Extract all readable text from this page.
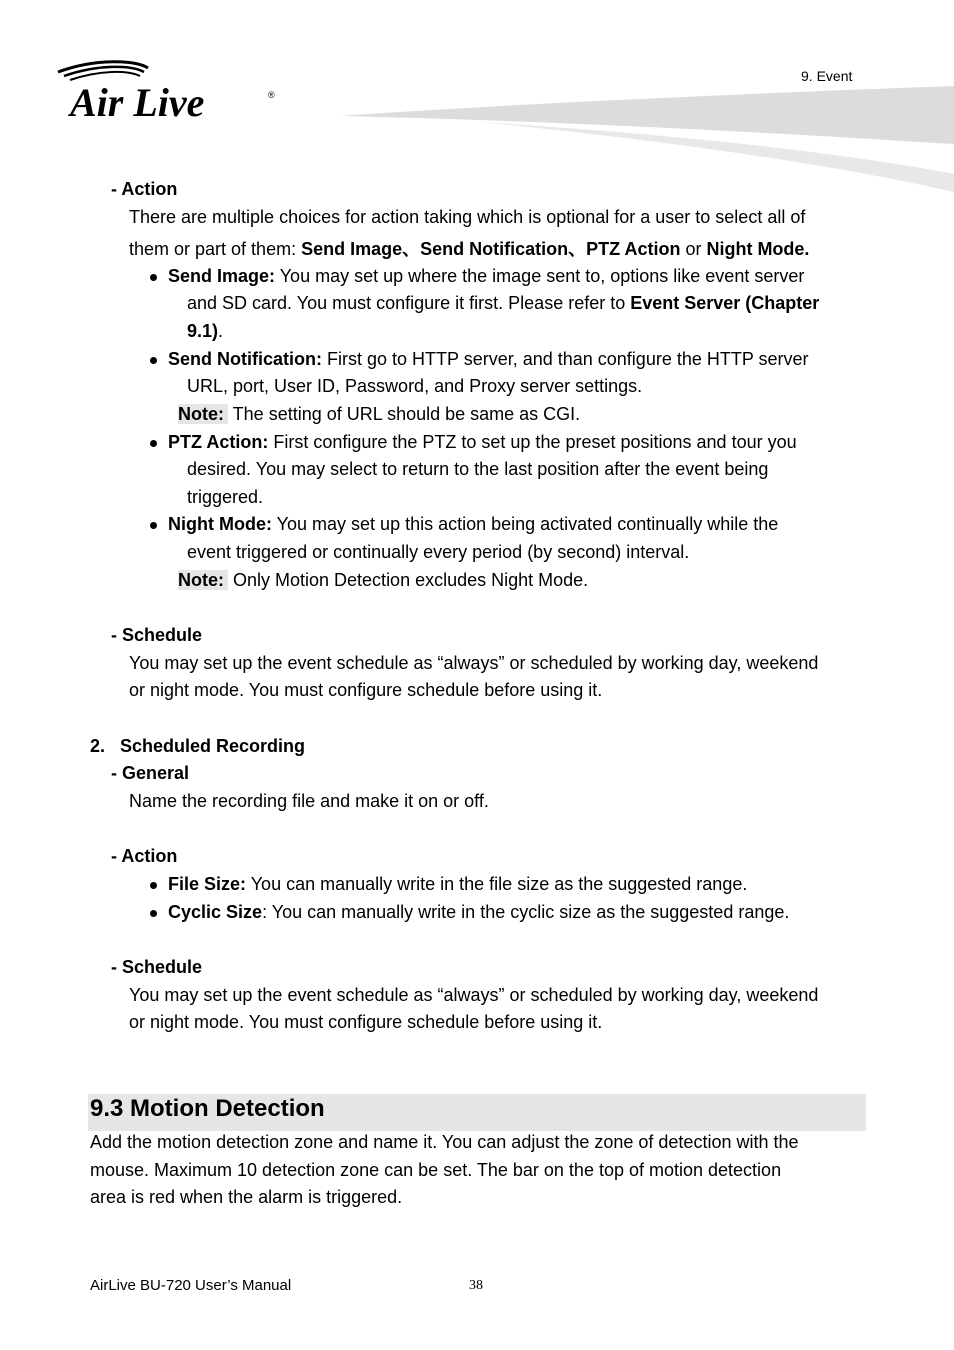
Air Live	®
9. Event
- Action
There are multiple choices for action taking which is optional for a user to select all of
them or part of them: Send Image、Send Notification、PTZ Action or Night Mode.
Send Image: You may set up where the image sent to, options like event server
and SD card. You must configure it first. Please refer to Event Server (Chapter
9.1).
Send Notification: First go to HTTP server, and than configure the HTTP server
URL, port, User ID, Password, and Proxy server settings.
Note: The setting of URL should be same as CGI.
PTZ Action: First configure the PTZ to set up the preset positions and tour you
desired. You may select to return to the last position after the event being
triggered.
Night Mode: You may set up this action being activated continually while the
event triggered or continually every period (by second) interval.
Note: Only Motion Detection excludes Night Mode.
- Schedule
You may set up the event schedule as “always” or scheduled by working day, weekend
or night mode. You must configure schedule before using it.
2. Scheduled Recording
- General
Name the recording file and make it on or off.
- Action
File Size: You can manually write in the file size as the suggested range.
Cyclic Size: You can manually write in the cyclic size as the suggested range.
- Schedule
You may set up the event schedule as “always” or scheduled by working day, weekend
or night mode. You must configure schedule before using it.
9.3 Motion Detection
Add the motion detection zone and name it. You can adjust the zone of detection with the
mouse. Maximum 10 detection zone can be set. The bar on the top of motion detection
area is red when the alarm is triggered.
AirLive BU-720 User’s Manual	38
